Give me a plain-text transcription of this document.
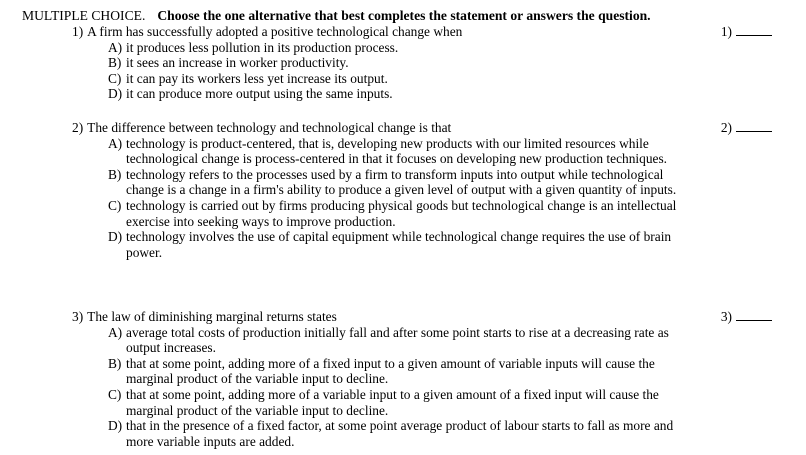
MULTIPLE CHOICE. Choose the one alternative that best completes the statement or answers the question.
1) A firm has successfully adopted a positive technological change when	1)
A) it produces less pollution in its production process.
B) it sees an increase in worker productivity.
C) it can pay its workers less yet increase its output.
D) it can produce more output using the same inputs.
2) The difference between technology and technological change is that	2)
A) technology is product-centered, that is, developing new products with our limited resources while technological change is process-centered in that it focuses on developing new production techniques.
B) technology refers to the processes used by a firm to transform inputs into output while technological change is a change in a firm's ability to produce a given level of output with a given quantity of inputs.
C) technology is carried out by firms producing physical goods but technological change is an intellectual exercise into seeking ways to improve production.
D) technology involves the use of capital equipment while technological change requires the use of brain power.
3) The law of diminishing marginal returns states	3)
A) average total costs of production initially fall and after some point starts to rise at a decreasing rate as output increases.
B) that at some point, adding more of a fixed input to a given amount of variable inputs will cause the marginal product of the variable input to decline.
C) that at some point, adding more of a variable input to a given amount of a fixed input will cause the marginal product of the variable input to decline.
D) that in the presence of a fixed factor, at some point average product of labour starts to fall as more and more variable inputs are added.
